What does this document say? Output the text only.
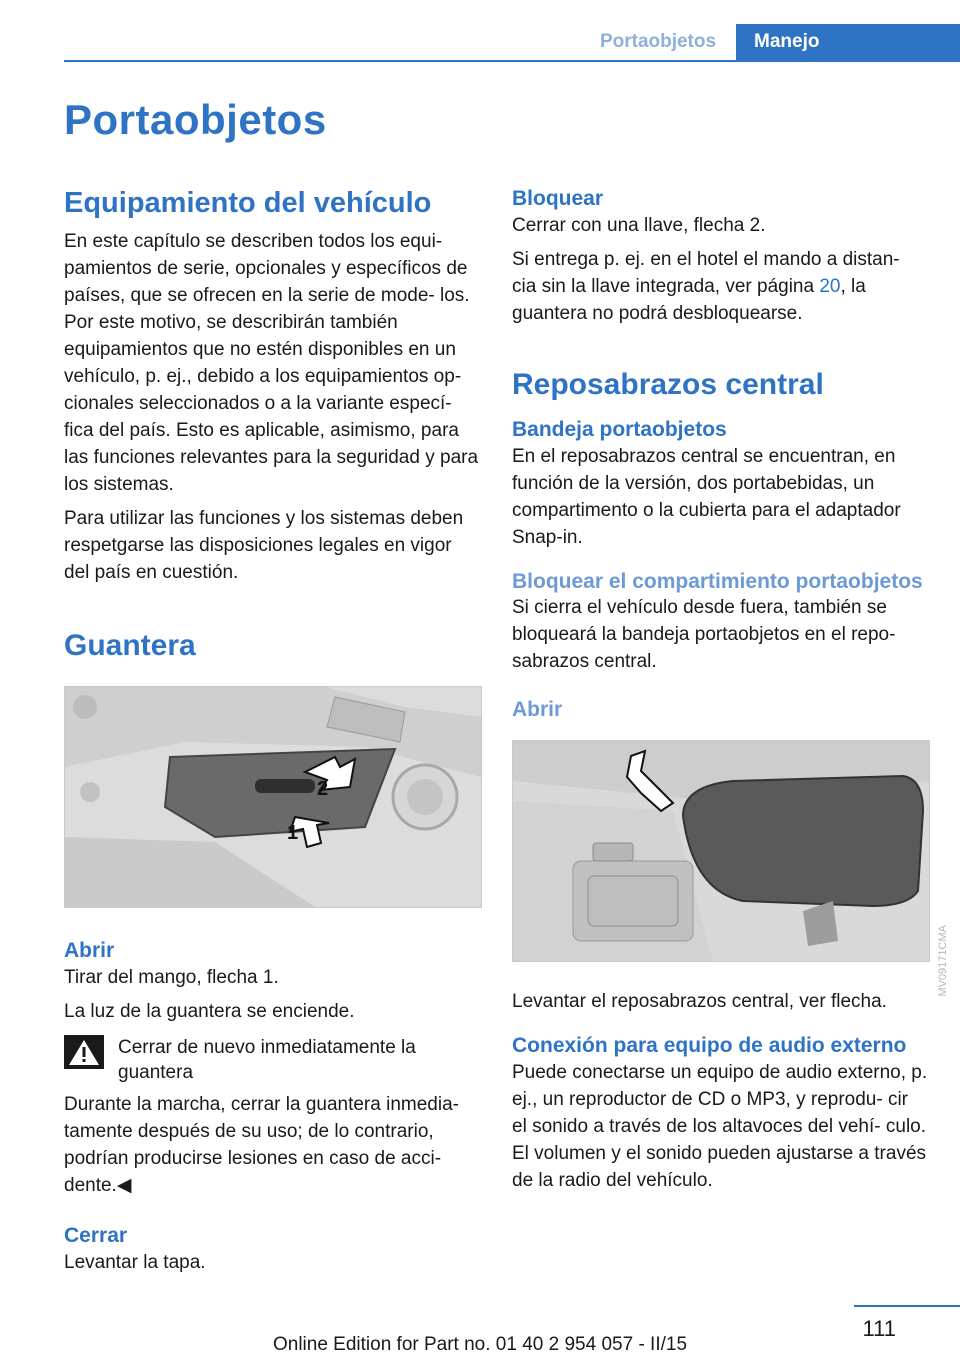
Portaobjetos	Manejo
Portaobjetos
Equipamiento del vehículo

En este capítulo se describen todos los equi‐ pamientos de serie, opcionales y específicos de países, que se ofrecen en la serie de mode‐ los. Por este motivo, se describirán también equipamientos que no estén disponibles en un vehículo, p. ej., debido a los equipamientos op‐ cionales seleccionados o a la variante especí‐ fica del país. Esto es aplicable, asimismo, para las funciones relevantes para la seguridad y para los sistemas.

Para utilizar las funciones y los sistemas deben respetgarse las disposiciones legales en vigor del país en cuestión.

Guantera
2
1
Abrir

Tirar del mango, flecha 1.

La luz de la guantera se enciende.

Cerrar de nuevo inmediatamente la guantera

Durante la marcha, cerrar la guantera inmedia‐ tamente después de su uso; de lo contrario, podrían producirse lesiones en caso de acci‐ dente.◀

Cerrar

Levantar la tapa.

Bloquear

Cerrar con una llave, flecha 2.

Si entrega p. ej. en el hotel el mando a distan‐ cia sin la llave integrada, ver página 20, la guantera no podrá desbloquearse.

Reposabrazos central
Bandeja portaobjetos

En el reposabrazos central se encuentran, en función de la versión, dos portabebidas, un compartimento o la cubierta para el adaptador Snap-in.

Bloquear el compartimiento portaobjetos

Si cierra el vehículo desde fuera, también se bloqueará la bandeja portaobjetos en el repo‐ sabrazos central.

Abrir

Levantar el reposabrazos central, ver flecha.

Conexión para equipo de audio externo

Puede conectarse un equipo de audio externo, p. ej., un reproductor de CD o MP3, y reprodu‐ cir el sonido a través de los altavoces del vehí‐ culo. El volumen y el sonido pueden ajustarse a través de la radio del vehículo.

MV09171CMA
111
Online Edition for Part no. 01 40 2 954 057 - II/15
